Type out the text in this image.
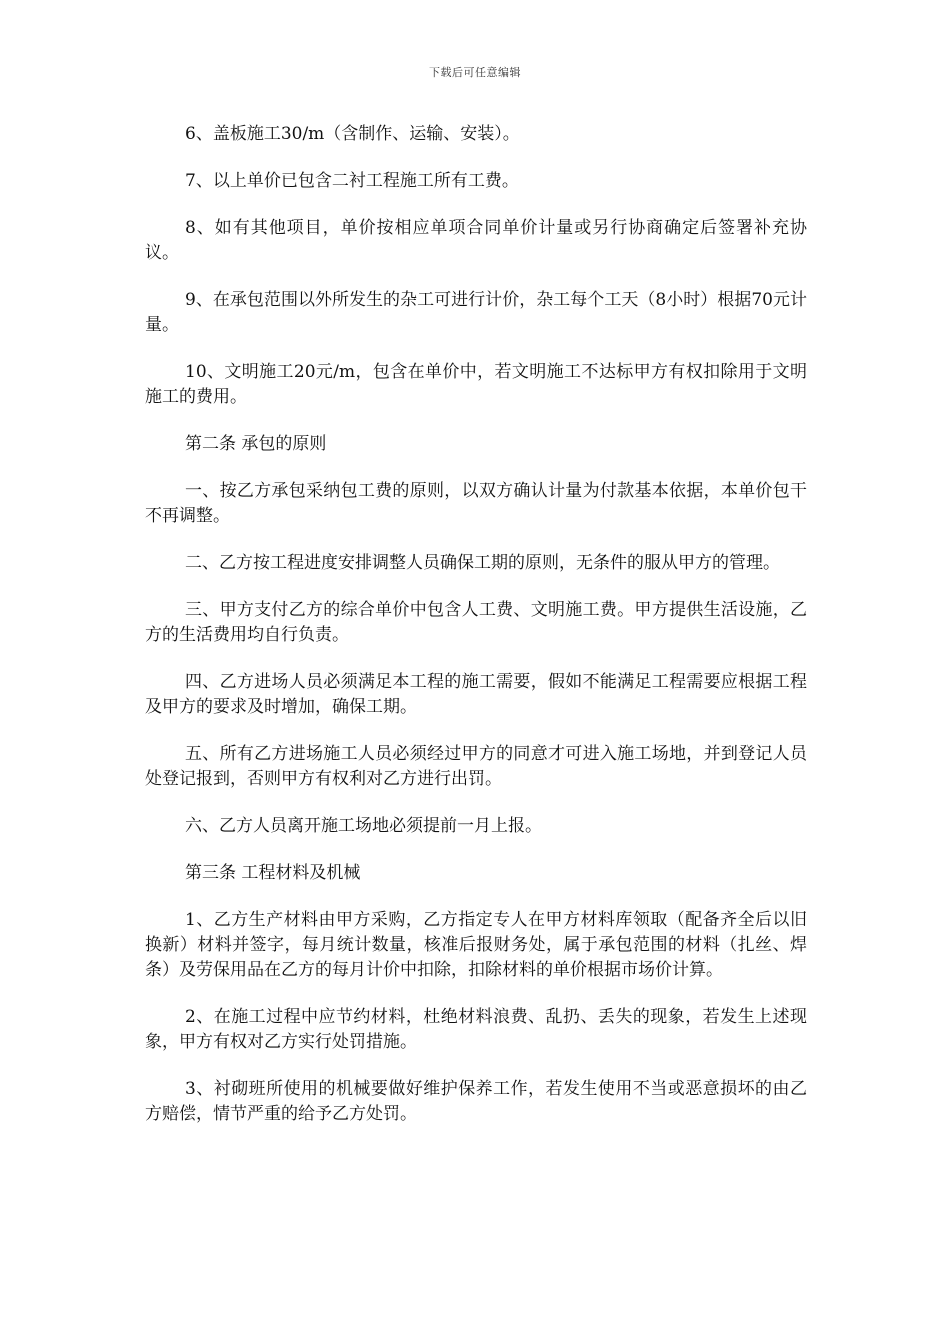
下载后可任意编辑

6、盖板施工30/m（含制作、运输、安装）。

7、以上单价已包含二衬工程施工所有工费。

8、如有其他项目，单价按相应单项合同单价计量或另行协商确定后签署补充协议。

9、在承包范围以外所发生的杂工可进行计价，杂工每个工天（8小时）根据70元计量。

10、文明施工20元/m，包含在单价中，若文明施工不达标甲方有权扣除用于文明施工的费用。

第二条 承包的原则

一、按乙方承包采纳包工费的原则，以双方确认计量为付款基本依据，本单价包干不再调整。

二、乙方按工程进度安排调整人员确保工期的原则，无条件的服从甲方的管理。

三、甲方支付乙方的综合单价中包含人工费、文明施工费。甲方提供生活设施，乙方的生活费用均自行负责。

四、乙方进场人员必须满足本工程的施工需要，假如不能满足工程需要应根据工程及甲方的要求及时增加，确保工期。

五、所有乙方进场施工人员必须经过甲方的同意才可进入施工场地，并到登记人员处登记报到，否则甲方有权利对乙方进行出罚。

六、乙方人员离开施工场地必须提前一月上报。

第三条 工程材料及机械

1、乙方生产材料由甲方采购，乙方指定专人在甲方材料库领取（配备齐全后以旧换新）材料并签字，每月统计数量，核准后报财务处，属于承包范围的材料（扎丝、焊条）及劳保用品在乙方的每月计价中扣除，扣除材料的单价根据市场价计算。

2、在施工过程中应节约材料，杜绝材料浪费、乱扔、丢失的现象，若发生上述现象，甲方有权对乙方实行处罚措施。

3、衬砌班所使用的机械要做好维护保养工作，若发生使用不当或恶意损坏的由乙方赔偿，情节严重的给予乙方处罚。
